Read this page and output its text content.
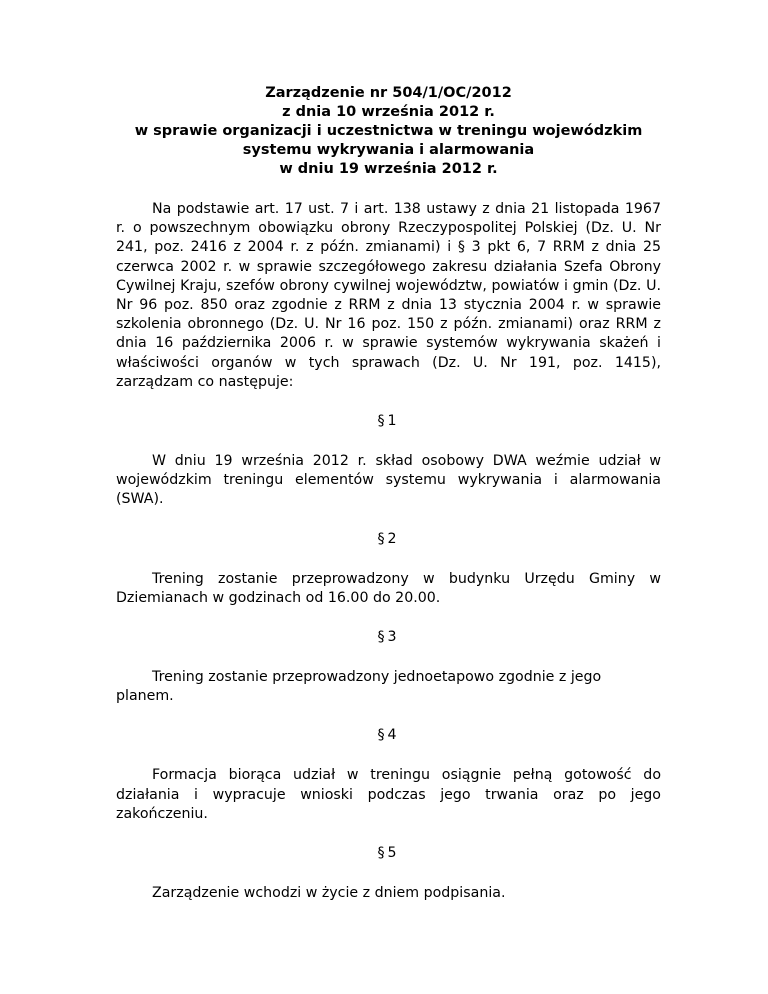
Zarządzenie nr 504/1/OC/2012
z dnia 10 września 2012 r.
w sprawie organizacji i uczestnictwa w treningu wojewódzkim
systemu wykrywania i alarmowania
w dniu 19 września 2012 r.

Na podstawie art. 17 ust. 7 i art. 138 ustawy z dnia 21 listopada 1967 r. o powszechnym obowiązku obrony Rzeczypospolitej Polskiej (Dz. U. Nr 241, poz. 2416 z 2004 r. z późn. zmianami) i § 3 pkt 6, 7 RRM z dnia 25 czerwca 2002 r. w sprawie szczegółowego zakresu działania Szefa Obrony Cywilnej Kraju, szefów obrony cywilnej województw, powiatów i gmin (Dz. U. Nr 96 poz. 850 oraz zgodnie z RRM z dnia 13 stycznia 2004 r. w sprawie szkolenia obronnego (Dz. U. Nr 16 poz. 150 z późn. zmianami) oraz RRM z dnia 16 października 2006 r. w sprawie systemów wykrywania skażeń i właściwości organów w tych sprawach (Dz. U. Nr 191, poz. 1415), zarządzam co następuje:

§1

W dniu 19 września 2012 r. skład osobowy DWA weźmie udział w wojewódzkim treningu elementów systemu wykrywania i alarmowania (SWA).

§2

Trening zostanie przeprowadzony w budynku Urzędu Gminy w

Dziemianach w godzinach od 16.00 do 20.00.

§3

Trening zostanie przeprowadzony jednoetapowo zgodnie z jego planem.

§4

Formacja biorąca udział w treningu osiągnie pełną gotowość do działania i wypracuje wnioski podczas jego trwania oraz po jego zakończeniu.

§5

Zarządzenie wchodzi w życie z dniem podpisania.
